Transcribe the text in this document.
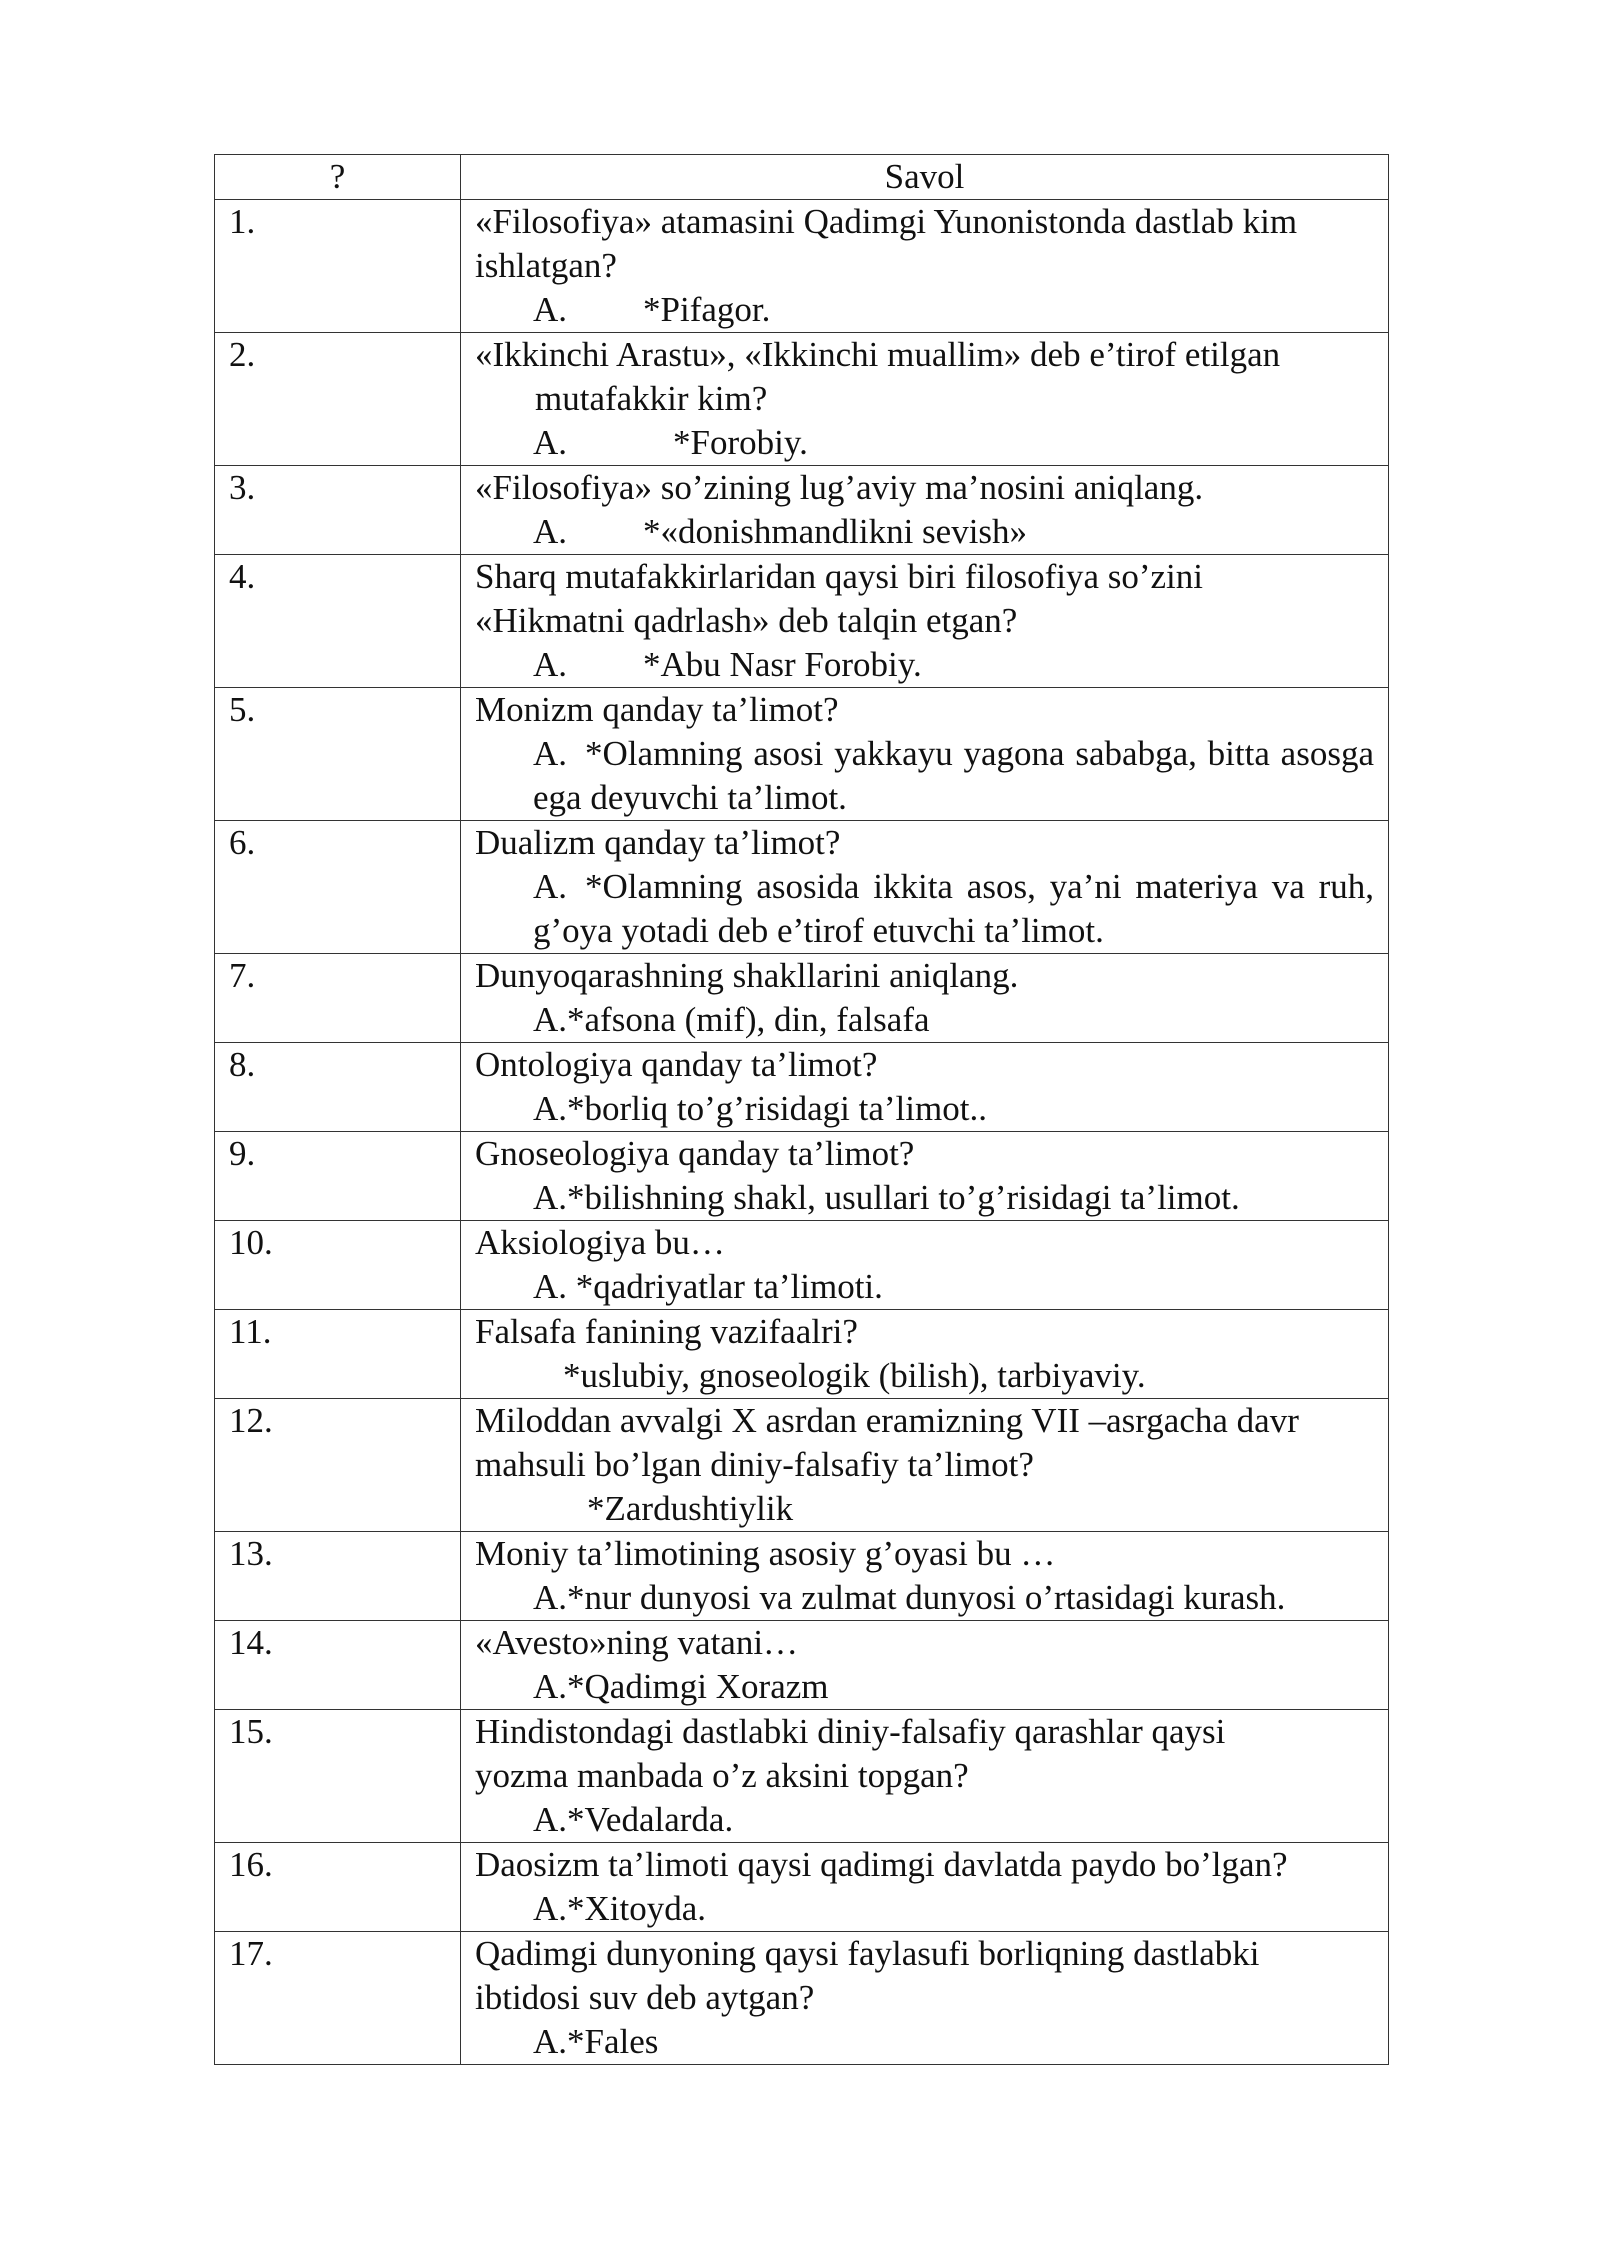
?	Savol
1.	«Filosofiya» atamasini Qadimgi Yunonistonda dastlab kim
ishlatgan?
A. *Pifagor.

2.	«Ikkinchi Arastu», «Ikkinchi muallim» deb e’tirof etilgan
mutafakkir kim?
A. *Forobiy.

3.	«Filosofiya» so’zining lug’aviy ma’nosini aniqlang.
A. *«donishmandlikni sevish»

4.	Sharq mutafakkirlaridan qaysi biri filosofiya so’zini
«Hikmatni qadrlash» deb talqin etgan?
A. *Abu Nasr Forobiy.

5.	Monizm qanday ta’limot?
A. *Olamning asosi yakkayu yagona sababga, bitta asosga ega deyuvchi ta’limot.

6.	Dualizm qanday ta’limot?
A. *Olamning asosida ikkita asos, ya’ni materiya va ruh, g’oya yotadi deb e’tirof etuvchi ta’limot.

7.	Dunyoqarashning shakllarini aniqlang.
A.*afsona (mif), din, falsafa

8.	Ontologiya qanday ta’limot?
A.*borliq to’g’risidagi ta’limot..

9.	Gnoseologiya qanday ta’limot?
A.*bilishning shakl, usullari to’g’risidagi ta’limot.

10.	Aksiologiya bu…
A. *qadriyatlar ta’limoti.

11.	Falsafa fanining vazifaalri?
*uslubiy, gnoseologik (bilish), tarbiyaviy.

12.	Miloddan avvalgi X asrdan eramizning VII –asrgacha davr
mahsuli bo’lgan diniy-falsafiy ta’limot?
*Zardushtiylik

13.	Moniy ta’limotining asosiy g’oyasi bu …
A.*nur dunyosi va zulmat dunyosi o’rtasidagi kurash.

14.	«Avesto»ning vatani…
A.*Qadimgi Xorazm

15.	Hindistondagi dastlabki diniy-falsafiy qarashlar qaysi
yozma manbada o’z aksini topgan?
A.*Vedalarda.

16.	Daosizm ta’limoti qaysi qadimgi davlatda paydo bo’lgan?
A.*Xitoyda.

17.	Qadimgi dunyoning qaysi faylasufi borliqning dastlabki
ibtidosi suv deb aytgan?
A.*Fales
